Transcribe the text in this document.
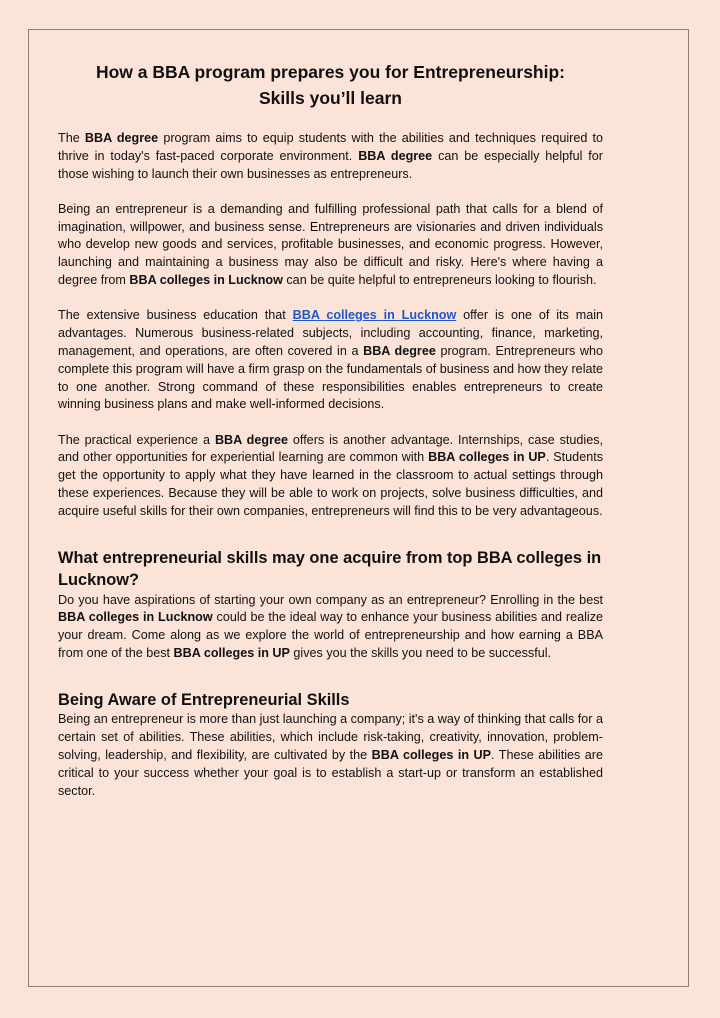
How a BBA program prepares you for Entrepreneurship:
Skills you’ll learn

The BBA degree program aims to equip students with the abilities and techniques required to thrive in today's fast-paced corporate environment. BBA degree can be especially helpful for those wishing to launch their own businesses as entrepreneurs.

Being an entrepreneur is a demanding and fulfilling professional path that calls for a blend of imagination, willpower, and business sense. Entrepreneurs are visionaries and driven individuals who develop new goods and services, profitable businesses, and economic progress. However, launching and maintaining a business may also be difficult and risky. Here's where having a degree from BBA colleges in Lucknow can be quite helpful to entrepreneurs looking to flourish.

The extensive business education that BBA colleges in Lucknow offer is one of its main advantages. Numerous business-related subjects, including accounting, finance, marketing, management, and operations, are often covered in a BBA degree program. Entrepreneurs who complete this program will have a firm grasp on the fundamentals of business and how they relate to one another. Strong command of these responsibilities enables entrepreneurs to create winning business plans and make well-informed decisions.

The practical experience a BBA degree offers is another advantage. Internships, case studies, and other opportunities for experiential learning are common with BBA colleges in UP. Students get the opportunity to apply what they have learned in the classroom to actual settings through these experiences. Because they will be able to work on projects, solve business difficulties, and acquire useful skills for their own companies, entrepreneurs will find this to be very advantageous.

What entrepreneurial skills may one acquire from top BBA colleges in Lucknow?

Do you have aspirations of starting your own company as an entrepreneur? Enrolling in the best BBA colleges in Lucknow could be the ideal way to enhance your business abilities and realize your dream. Come along as we explore the world of entrepreneurship and how earning a BBA from one of the best BBA colleges in UP gives you the skills you need to be successful.

Being Aware of Entrepreneurial Skills

Being an entrepreneur is more than just launching a company; it's a way of thinking that calls for a certain set of abilities. These abilities, which include risk-taking, creativity, innovation, problem-solving, leadership, and flexibility, are cultivated by the BBA colleges in UP. These abilities are critical to your success whether your goal is to establish a start-up or transform an established sector.
